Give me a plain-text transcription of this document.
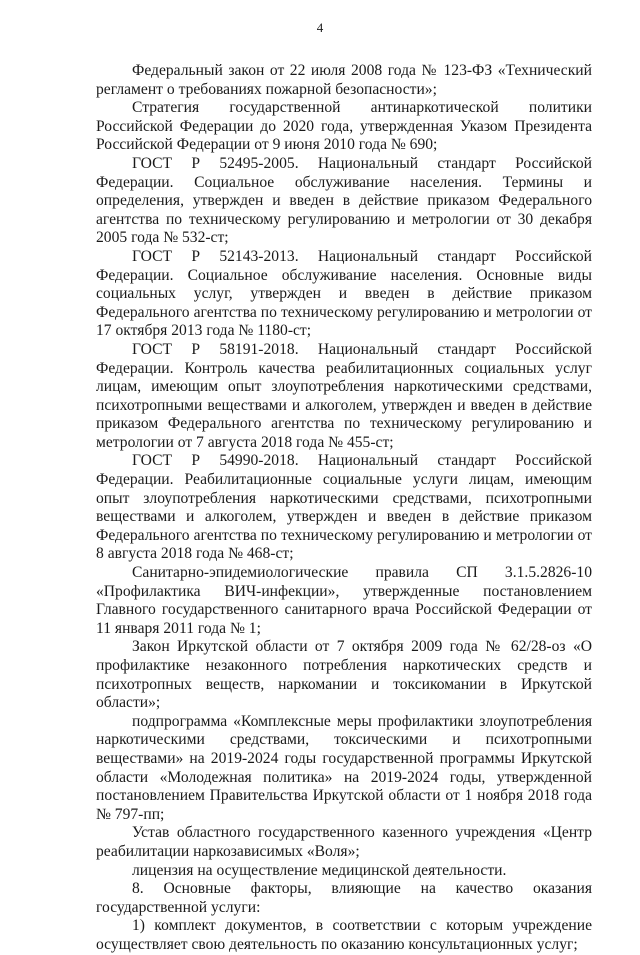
4

Федеральный закон от 22 июля 2008 года № 123-ФЗ «Технический регламент о требованиях пожарной безопасности»;

Стратегия государственной антинаркотической политики Российской Федерации до 2020 года, утвержденная Указом Президента Российской Федерации от 9 июня 2010 года № 690;

ГОСТ Р 52495-2005. Национальный стандарт Российской Федерации. Социальное обслуживание населения. Термины и определения, утвержден и введен в действие приказом Федерального агентства по техническому регулированию и метрологии от 30 декабря 2005 года № 532-ст;

ГОСТ Р 52143-2013. Национальный стандарт Российской Федерации. Социальное обслуживание населения. Основные виды социальных услуг, утвержден и введен в действие приказом Федерального агентства по техническому регулированию и метрологии от 17 октября 2013 года № 1180-ст;

ГОСТ Р 58191-2018. Национальный стандарт Российской Федерации. Контроль качества реабилитационных социальных услуг лицам, имеющим опыт злоупотребления наркотическими средствами, психотропными веществами и алкоголем, утвержден и введен в действие приказом Федерального агентства по техническому регулированию и метрологии от 7 августа 2018 года № 455-ст;

ГОСТ Р 54990-2018. Национальный стандарт Российской Федерации. Реабилитационные социальные услуги лицам, имеющим опыт злоупотребления наркотическими средствами, психотропными веществами и алкоголем, утвержден и введен в действие приказом Федерального агентства по техническому регулированию и метрологии от 8 августа 2018 года № 468-ст;

Санитарно-эпидемиологические правила СП 3.1.5.2826-10 «Профилактика ВИЧ-инфекции», утвержденные постановлением Главного государственного санитарного врача Российской Федерации от 11 января 2011 года № 1;

Закон Иркутской области от 7 октября 2009 года № 62/28-оз «О профилактике незаконного потребления наркотических средств и психотропных веществ, наркомании и токсикомании в Иркутской области»;

подпрограмма «Комплексные меры профилактики злоупотребления наркотическими средствами, токсическими и психотропными веществами» на 2019-2024 годы государственной программы Иркутской области «Молодежная политика» на 2019-2024 годы, утвержденной постановлением Правительства Иркутской области от 1 ноября 2018 года № 797-пп;

Устав областного государственного казенного учреждения «Центр реабилитации наркозависимых «Воля»;

лицензия на осуществление медицинской деятельности.

8. Основные факторы, влияющие на качество оказания государственной услуги:

1) комплект документов, в соответствии с которым учреждение осуществляет свою деятельность по оказанию консультационных услуг;
